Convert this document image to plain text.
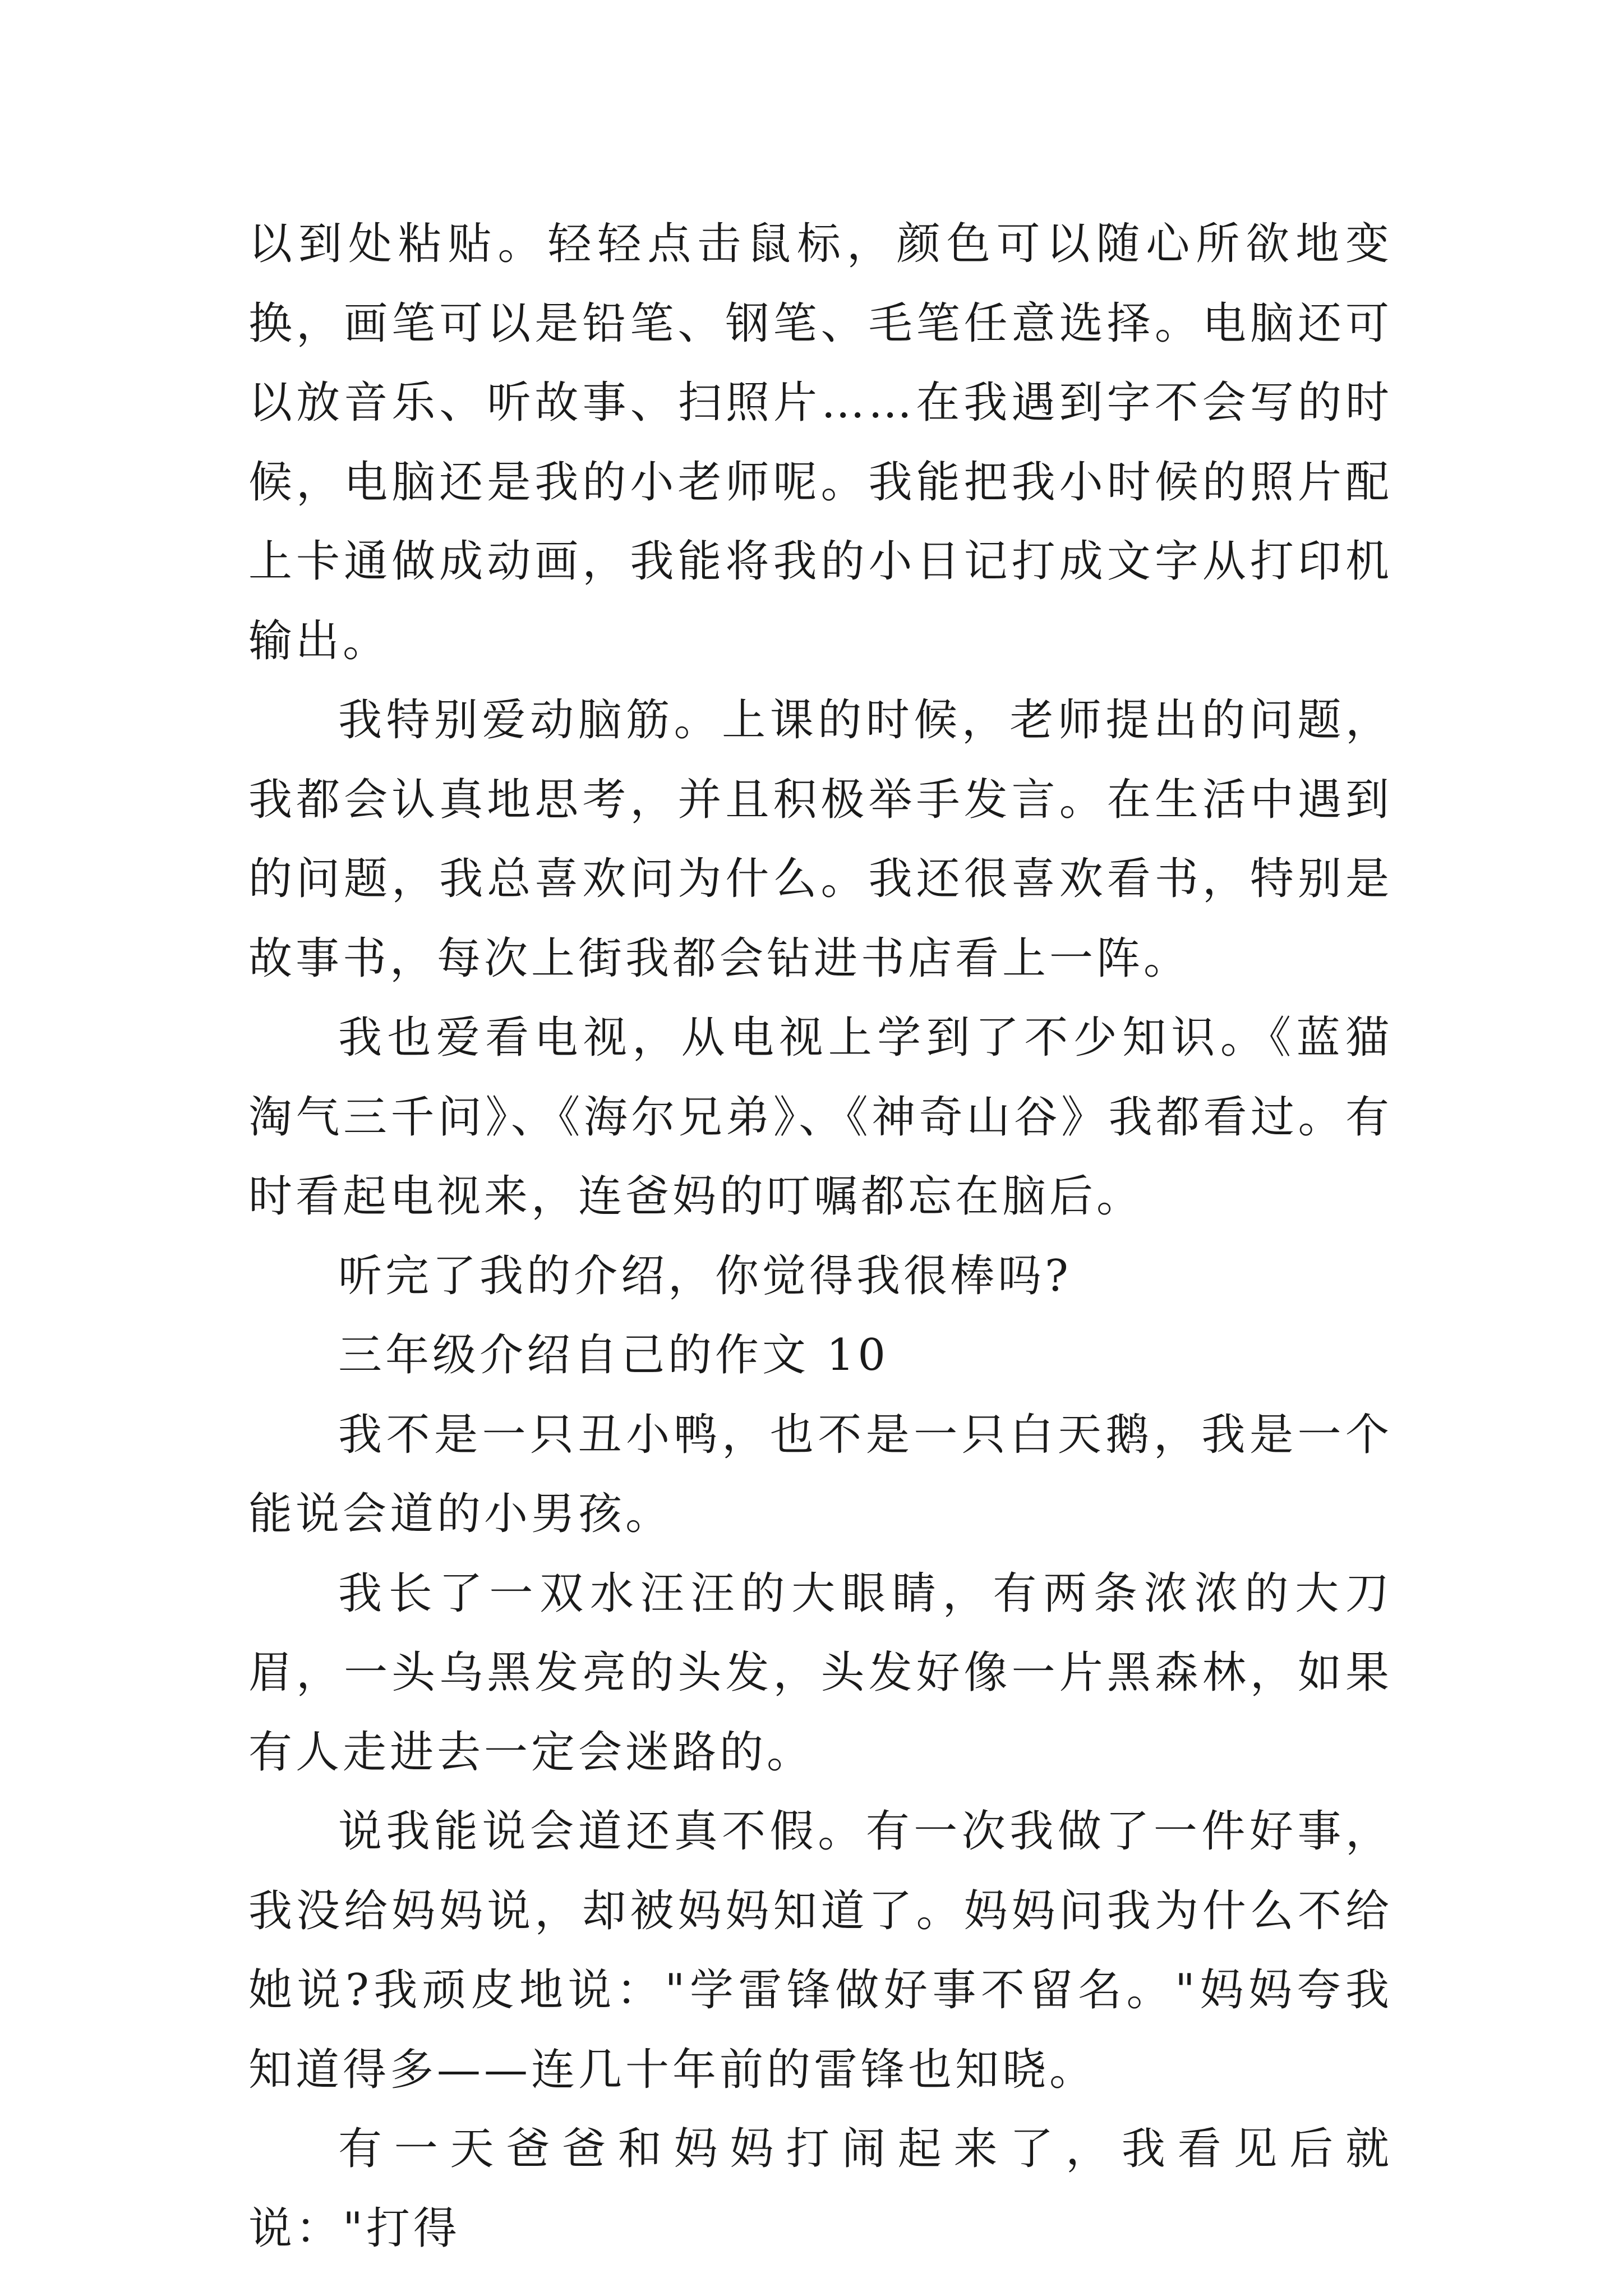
以到处粘贴。轻轻点击鼠标，颜色可以随心所欲地变换，画笔可以是铅笔、钢笔、毛笔任意选择。电脑还可以放音乐、听故事、扫照片……在我遇到字不会写的时候，电脑还是我的小老师呢。我能把我小时候的照片配上卡通做成动画，我能将我的小日记打成文字从打印机输出。

我特别爱动脑筋。上课的时候，老师提出的问题，我都会认真地思考，并且积极举手发言。在生活中遇到的问题，我总喜欢问为什么。我还很喜欢看书，特别是故事书，每次上街我都会钻进书店看上一阵。

我也爱看电视，从电视上学到了不少知识。《蓝猫淘气三千问》、《海尔兄弟》、《神奇山谷》我都看过。有时看起电视来，连爸妈的叮嘱都忘在脑后。

听完了我的介绍，你觉得我很棒吗?

三年级介绍自己的作文 10

我不是一只丑小鸭，也不是一只白天鹅，我是一个能说会道的小男孩。

我长了一双水汪汪的大眼睛，有两条浓浓的大刀眉，一头乌黑发亮的头发，头发好像一片黑森林，如果有人走进去一定会迷路的。

说我能说会道还真不假。有一次我做了一件好事，我没给妈妈说，却被妈妈知道了。妈妈问我为什么不给她说?我顽皮地说："学雷锋做好事不留名。"妈妈夸我知道得多——连几十年前的雷锋也知晓。

有一天爸爸和妈妈打闹起来了，我看见后就说："打得
